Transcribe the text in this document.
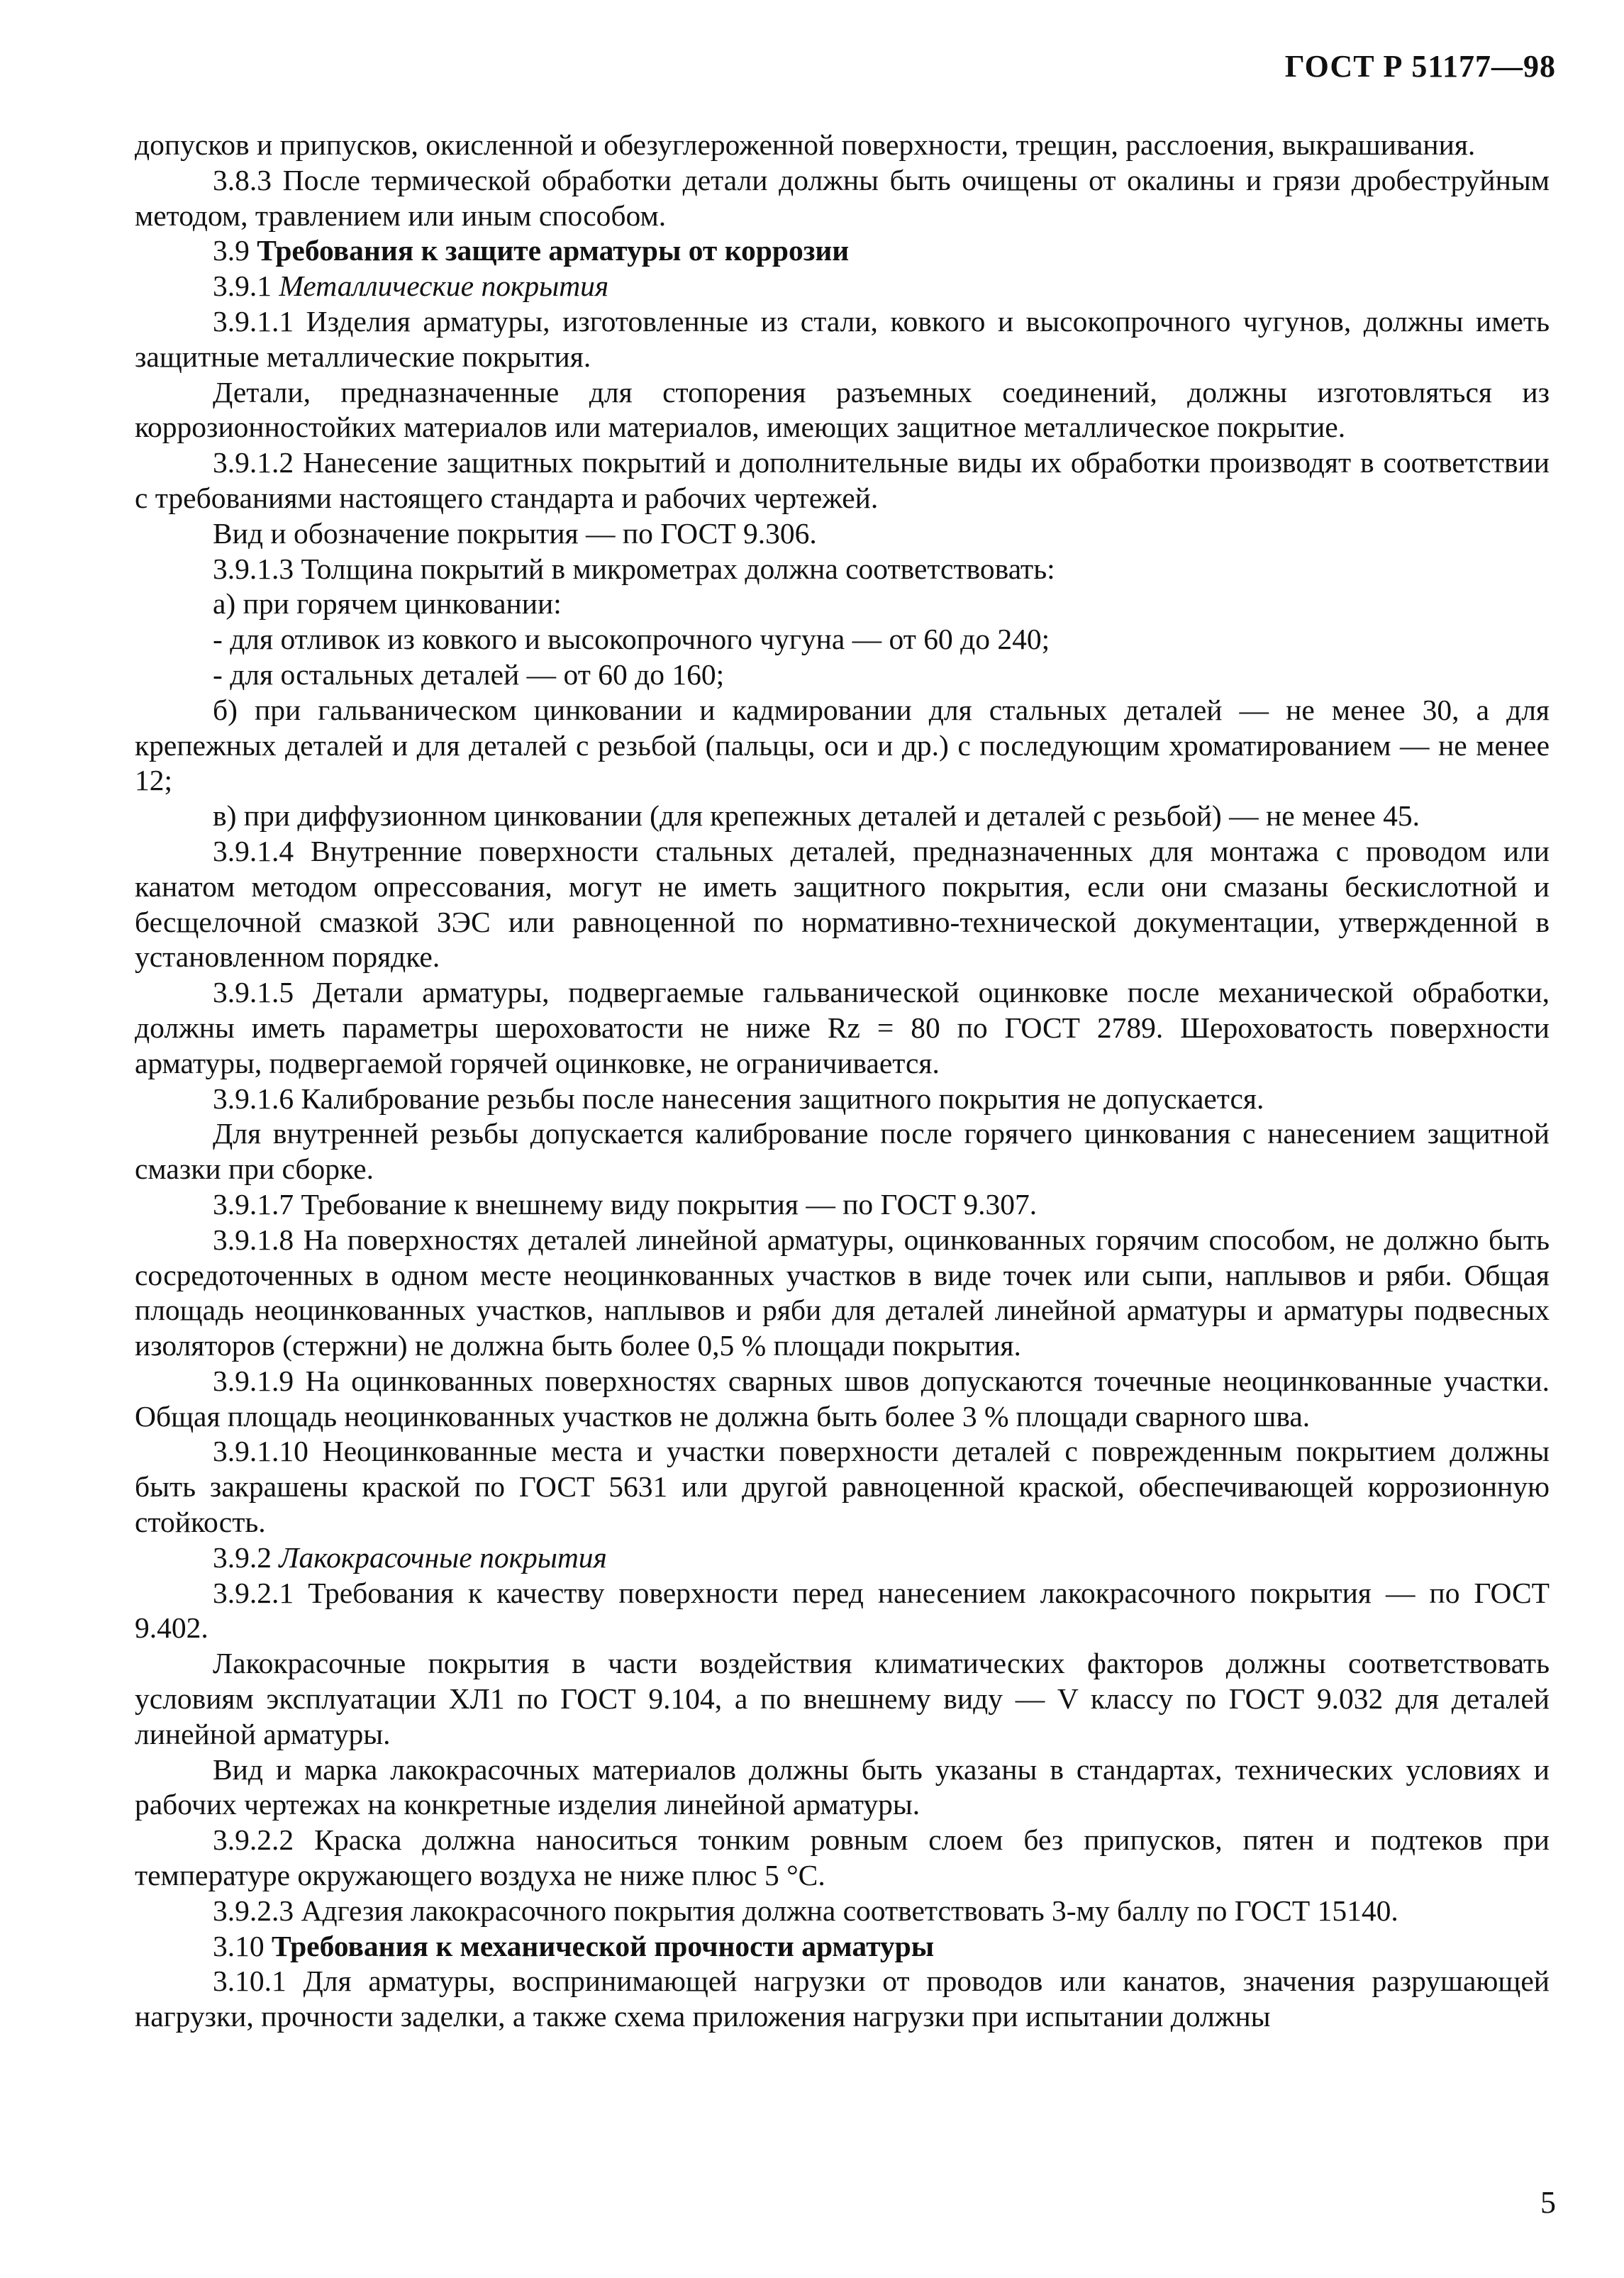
ГОСТ Р 51177—98

допусков и припусков, окисленной и обезуглероженной поверхности, трещин, расслоения, выкрашивания.

3.8.3 После термической обработки детали должны быть очищены от окалины и грязи дробеструйным методом, травлением или иным способом.

3.9 Требования к защите арматуры от коррозии

3.9.1 Металлические покрытия

3.9.1.1 Изделия арматуры, изготовленные из стали, ковкого и высокопрочного чугунов, должны иметь защитные металлические покрытия.

Детали, предназначенные для стопорения разъемных соединений, должны изготовляться из коррозионностойких материалов или материалов, имеющих защитное металлическое покрытие.

3.9.1.2 Нанесение защитных покрытий и дополнительные виды их обработки производят в соответствии с требованиями настоящего стандарта и рабочих чертежей.

Вид и обозначение покрытия — по ГОСТ 9.306.

3.9.1.3 Толщина покрытий в микрометрах должна соответствовать:

а) при горячем цинковании:

- для отливок из ковкого и высокопрочного чугуна — от 60 до 240;

- для остальных деталей — от 60 до 160;

б) при гальваническом цинковании и кадмировании для стальных деталей — не менее 30, а для крепежных деталей и для деталей с резьбой (пальцы, оси и др.) с последующим хроматированием — не менее 12;

в) при диффузионном цинковании (для крепежных деталей и деталей с резьбой) — не менее 45.

3.9.1.4 Внутренние поверхности стальных деталей, предназначенных для монтажа с проводом или канатом методом опрессования, могут не иметь защитного покрытия, если они смазаны бескислотной и бесщелочной смазкой ЗЭС или равноценной по нормативно-технической документации, утвержденной в установленном порядке.

3.9.1.5 Детали арматуры, подвергаемые гальванической оцинковке после механической обработки, должны иметь параметры шероховатости не ниже Rz = 80 по ГОСТ 2789. Шероховатость поверхности арматуры, подвергаемой горячей оцинковке, не ограничивается.

3.9.1.6 Калибрование резьбы после нанесения защитного покрытия не допускается.

Для внутренней резьбы допускается калибрование после горячего цинкования с нанесением защитной смазки при сборке.

3.9.1.7 Требование к внешнему виду покрытия — по ГОСТ 9.307.

3.9.1.8 На поверхностях деталей линейной арматуры, оцинкованных горячим способом, не должно быть сосредоточенных в одном месте неоцинкованных участков в виде точек или сыпи, наплывов и ряби. Общая площадь неоцинкованных участков, наплывов и ряби для деталей линейной арматуры и арматуры подвесных изоляторов (стержни) не должна быть более 0,5 % площади покрытия.

3.9.1.9 На оцинкованных поверхностях сварных швов допускаются точечные неоцинкованные участки. Общая площадь неоцинкованных участков не должна быть более 3 % площади сварного шва.

3.9.1.10 Неоцинкованные места и участки поверхности деталей с поврежденным покрытием должны быть закрашены краской по ГОСТ 5631 или другой равноценной краской, обеспечивающей коррозионную стойкость.

3.9.2 Лакокрасочные покрытия

3.9.2.1 Требования к качеству поверхности перед нанесением лакокрасочного покрытия — по ГОСТ 9.402.

Лакокрасочные покрытия в части воздействия климатических факторов должны соответствовать условиям эксплуатации ХЛ1 по ГОСТ 9.104, а по внешнему виду — V классу по ГОСТ 9.032 для деталей линейной арматуры.

Вид и марка лакокрасочных материалов должны быть указаны в стандартах, технических условиях и рабочих чертежах на конкретные изделия линейной арматуры.

3.9.2.2 Краска должна наноситься тонким ровным слоем без припусков, пятен и подтеков при температуре окружающего воздуха не ниже плюс 5 °С.

3.9.2.3 Адгезия лакокрасочного покрытия должна соответствовать 3-му баллу по ГОСТ 15140.

3.10 Требования к механической прочности арматуры

3.10.1 Для арматуры, воспринимающей нагрузки от проводов или канатов, значения разрушающей нагрузки, прочности заделки, а также схема приложения нагрузки при испытании должны

5
